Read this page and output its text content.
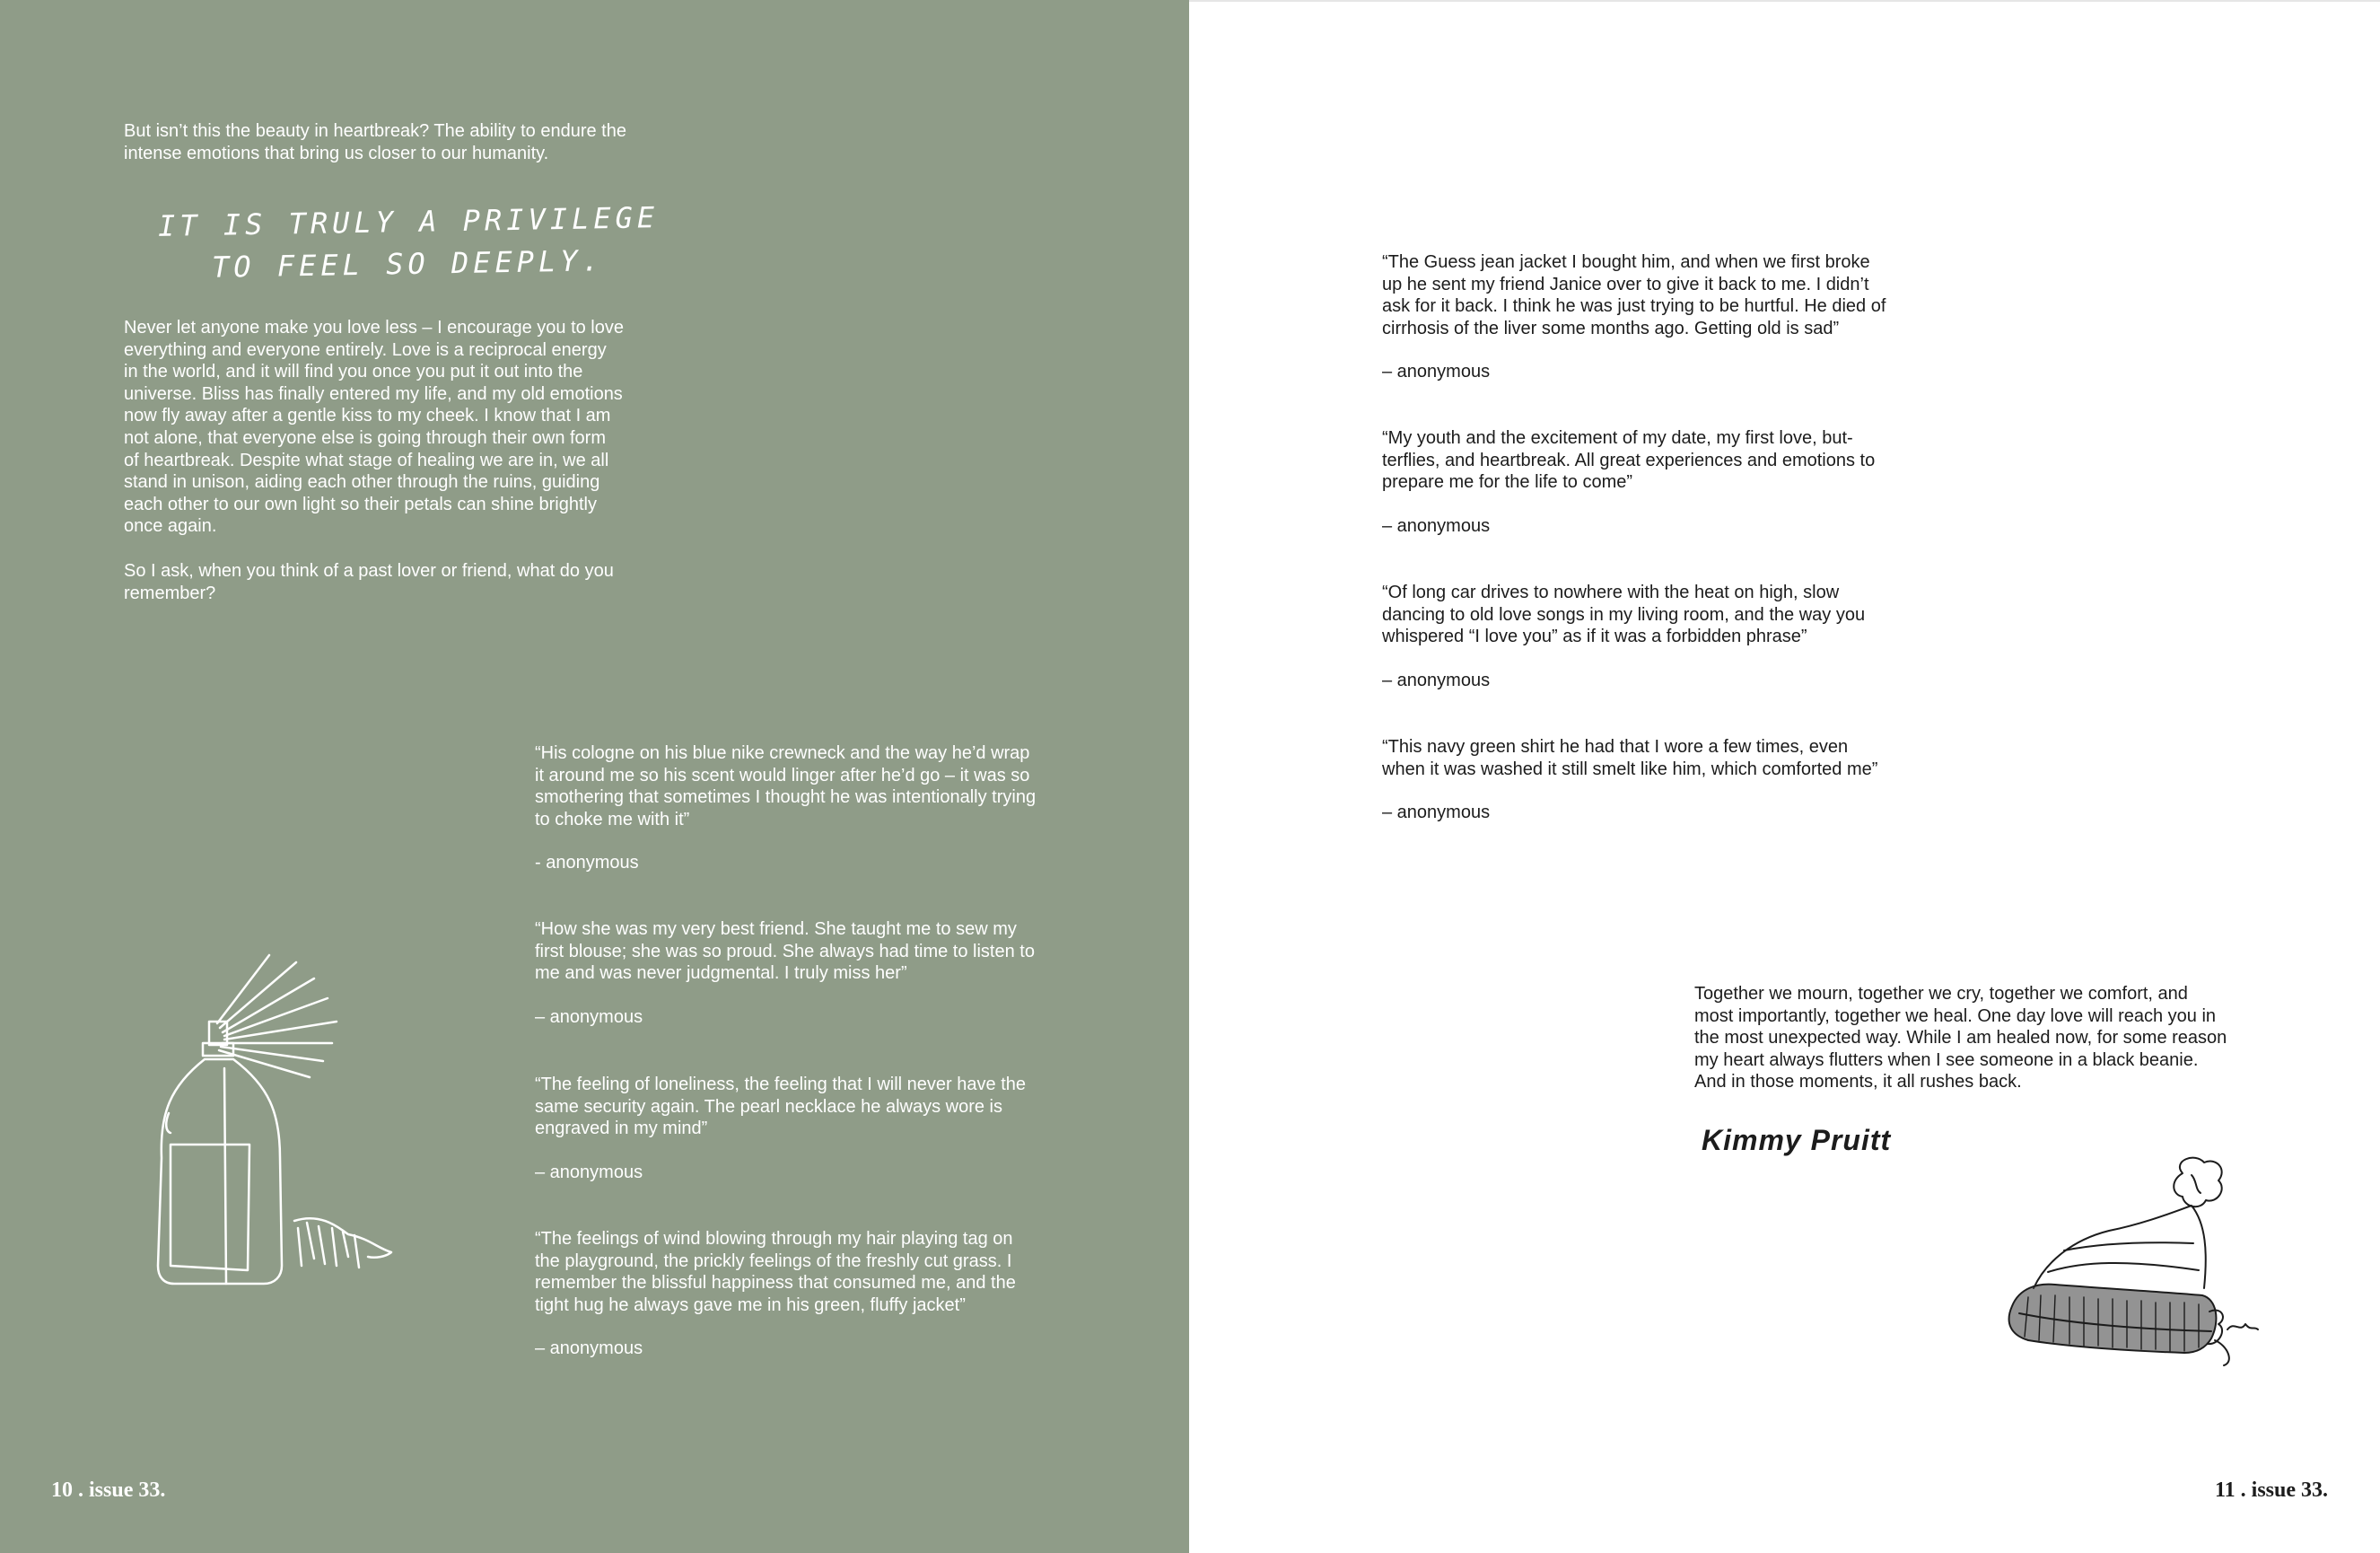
But isn’t this the beauty in heartbreak? The ability to endure the
intense emotions that bring us closer to our humanity.

IT IS TRULY A PRIVILEGE
TO FEEL SO DEEPLY.

Never let anyone make you love less – I encourage you to love
everything and everyone entirely. Love is a reciprocal energy
in the world, and it will find you once you put it out into the
universe. Bliss has finally entered my life, and my old emotions
now fly away after a gentle kiss to my cheek. I know that I am
not alone, that everyone else is going through their own form
of heartbreak. Despite what stage of healing we are in, we all
stand in unison, aiding each other through the ruins, guiding
each other to our own light so their petals can shine brightly
once again.

So I ask, when you think of a past lover or friend, what do you
remember?

“His cologne on his blue nike crewneck and the way he’d wrap
it around me so his scent would linger after he’d go – it was so
smothering that sometimes I thought he was intentionally trying
to choke me with it”

- anonymous

“How she was my very best friend. She taught me to sew my
first blouse; she was so proud. She always had time to listen to
me and was never judgmental. I truly miss her”

– anonymous

“The feeling of loneliness, the feeling that I will never have the
same security again. The pearl necklace he always wore is
engraved in my mind”

– anonymous

“The feelings of wind blowing through my hair playing tag on
the playground, the prickly feelings of the freshly cut grass. I
remember the blissful happiness that consumed me, and the
tight hug he always gave me in his green, fluffy jacket”

– anonymous

10 . issue 33.

“The Guess jean jacket I bought him, and when we first broke
up he sent my friend Janice over to give it back to me. I didn’t
ask for it back. I think he was just trying to be hurtful. He died of
cirrhosis of the liver some months ago. Getting old is sad”

– anonymous

“My youth and the excitement of my date, my first love, but-
terflies, and heartbreak. All great experiences and emotions to
prepare me for the life to come”

– anonymous

“Of long car drives to nowhere with the heat on high, slow
dancing to old love songs in my living room, and the way you
whispered “I love you” as if it was a forbidden phrase”

– anonymous

“This navy green shirt he had that I wore a few times, even
when it was washed it still smelt like him, which comforted me”

– anonymous

Together we mourn, together we cry, together we comfort, and
most importantly, together we heal. One day love will reach you in
the most unexpected way. While I am healed now, for some reason
my heart always flutters when I see someone in a black beanie.
And in those moments, it all rushes back.

Kimmy Pruitt
11 . issue 33.
